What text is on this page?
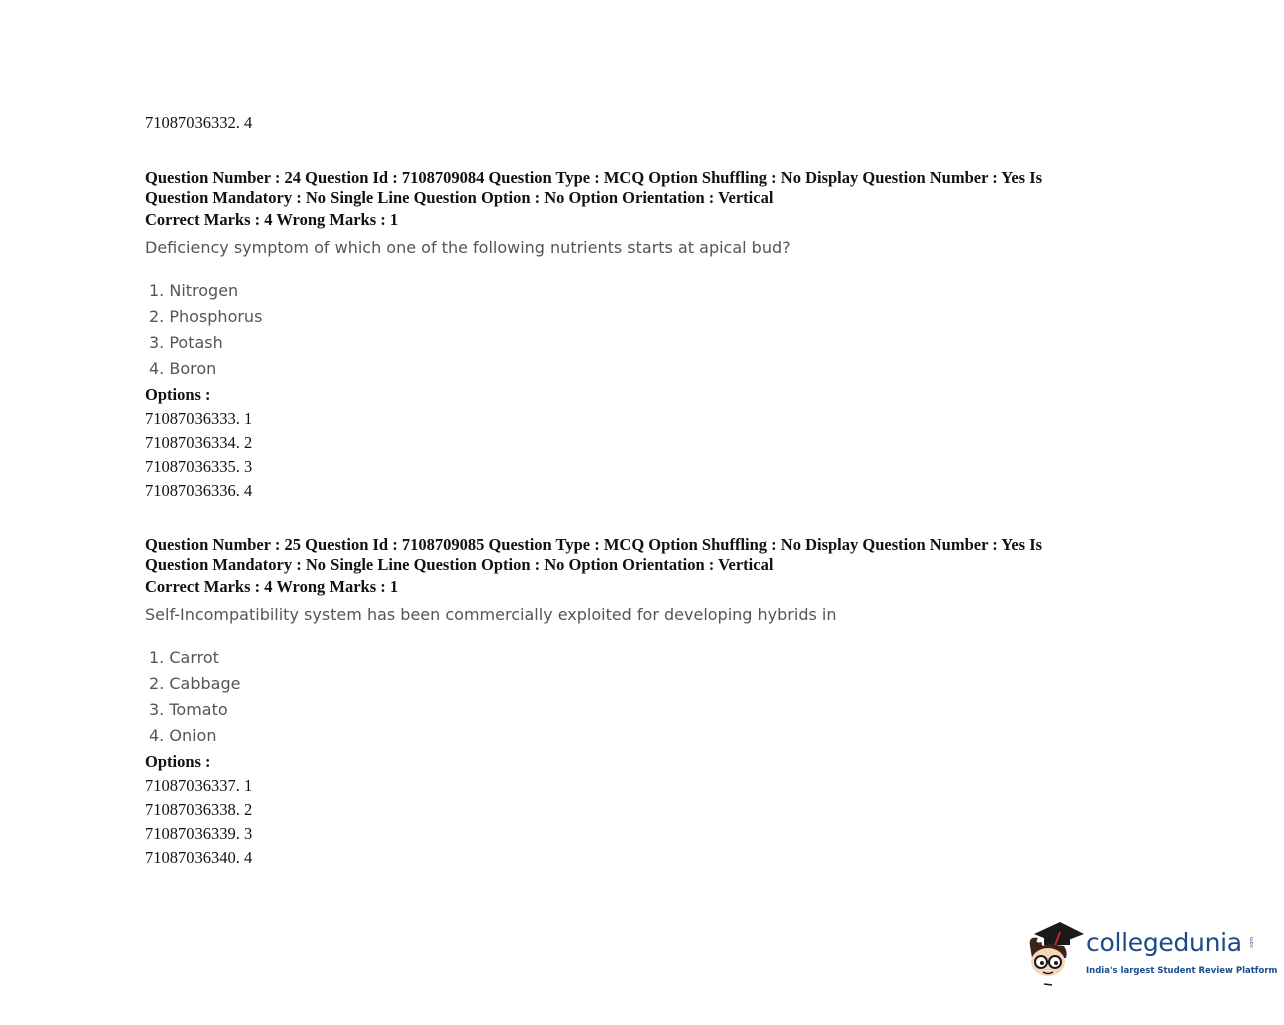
71087036332. 4
Question Number : 24 Question Id : 7108709084 Question Type : MCQ Option Shuffling : No Display Question Number : Yes Is
Question Mandatory : No Single Line Question Option : No Option Orientation : Vertical
Correct Marks : 4 Wrong Marks : 1
Deficiency symptom of which one of the following nutrients starts at apical bud?
1. Nitrogen
2. Phosphorus
3. Potash
4. Boron
Options :
71087036333. 1
71087036334. 2
71087036335. 3
71087036336. 4
Question Number : 25 Question Id : 7108709085 Question Type : MCQ Option Shuffling : No Display Question Number : Yes Is
Question Mandatory : No Single Line Question Option : No Option Orientation : Vertical
Correct Marks : 4 Wrong Marks : 1
Self-Incompatibility system has been commercially exploited for developing hybrids in
1. Carrot
2. Cabbage
3. Tomato
4. Onion
Options :
71087036337. 1
71087036338. 2
71087036339. 3
71087036340. 4
collegedunia .com
India's largest Student Review Platform
